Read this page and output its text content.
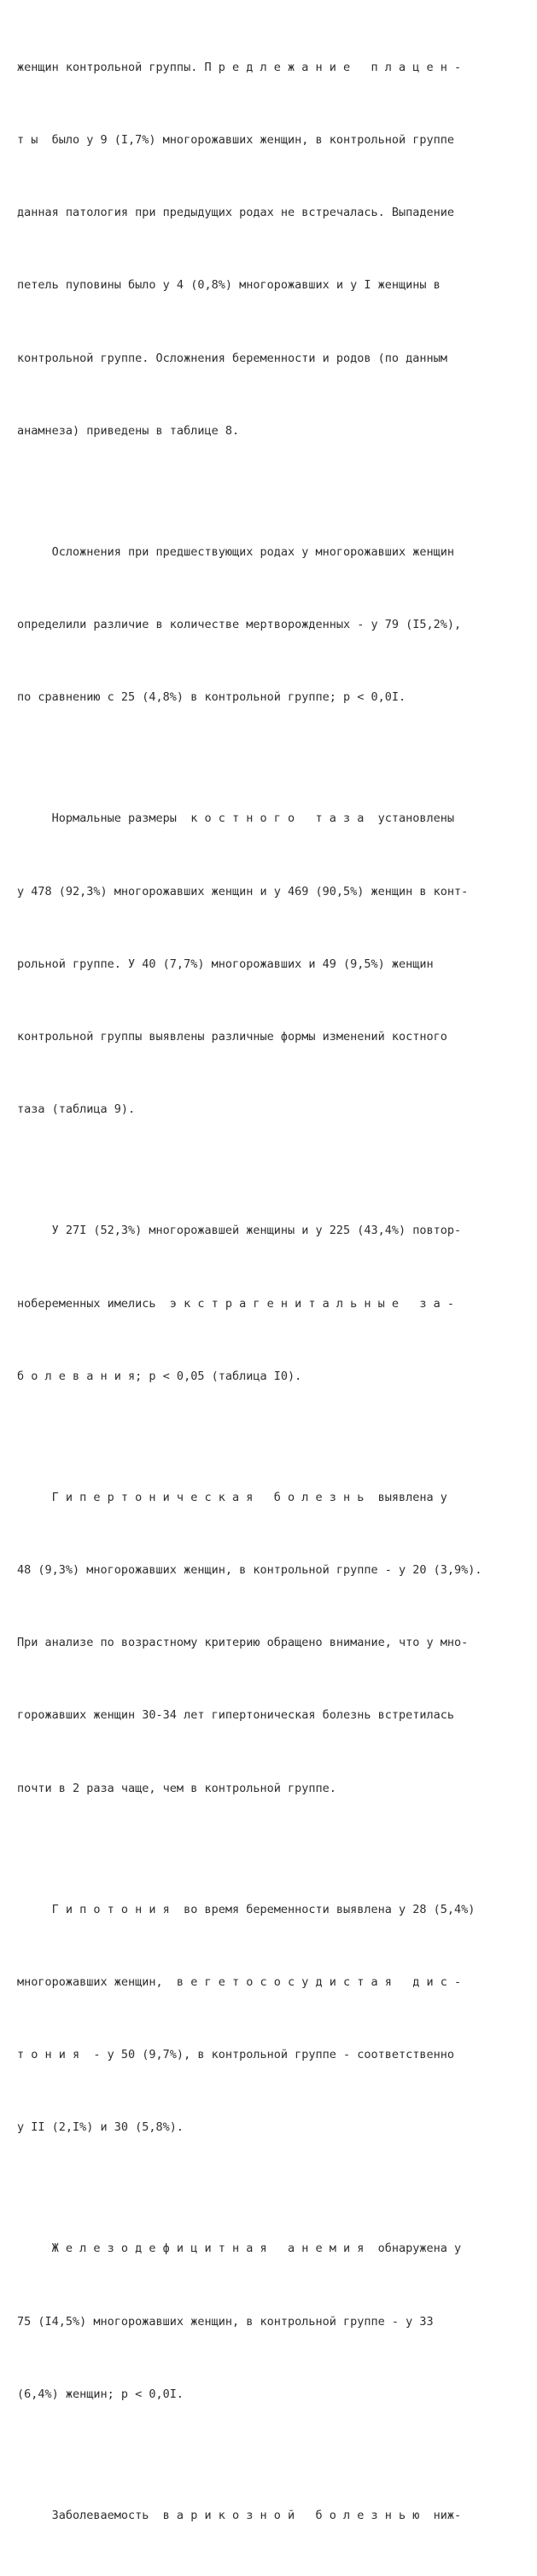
женщин контрольной группы. П р е д л е ж а н и е   п л а ц е н -

т ы  было у 9 (I,7%) многорожавших женщин, в контрольной группе

данная патология при предыдущих родах не встречалась. Выпадение

петель пуповины было у 4 (0,8%) многорожавших и у I женщины в

контрольной группе. Осложнения беременности и родов (по данным

анамнеза) приведены в таблице 8.

Осложнения при предшествующих родах у многорожавших женщин

определили различие в количестве мертворожденных - у 79 (I5,2%),

по сравнению с 25 (4,8%) в контрольной группе; р < 0,0I.

Нормальные размеры  к о с т н о г о   т а з а  установлены

у 478 (92,3%) многорожавших женщин и у 469 (90,5%) женщин в конт-

рольной группе. У 40 (7,7%) многорожавших и 49 (9,5%) женщин

контрольной группы выявлены различные формы изменений костного

таза (таблица 9).

У 27I (52,3%) многорожавшей женщины и у 225 (43,4%) повтор-

нобеременных имелись  э к с т р а г е н и т а л ь н ы е   з а -

б о л е в а н и я; р < 0,05 (таблица I0).

Г и п е р т о н и ч е с к а я   б о л е з н ь  выявлена у

48 (9,3%) многорожавших женщин, в контрольной группе - у 20 (3,9%).

При анализе по возрастному критерию обращено внимание, что у мно-

горожавших женщин 30-34 лет гипертоническая болезнь встретилась

почти в 2 раза чаще, чем в контрольной группе.

Г и п о т о н и я  во время беременности выявлена у 28 (5,4%)

многорожавших женщин,  в е г е т о с о с у д и с т а я   д и с -

т о н и я  - у 50 (9,7%), в контрольной группе - соответственно

у II (2,I%) и 30 (5,8%).

Ж е л е з о д е ф и ц и т н а я   а н е м и я  обнаружена у

75 (I4,5%) многорожавших женщин, в контрольной группе - у 33

(6,4%) женщин; р < 0,0I.

Заболеваемость  в а р и к о з н о й   б о л е з н ь ю  ниж-
